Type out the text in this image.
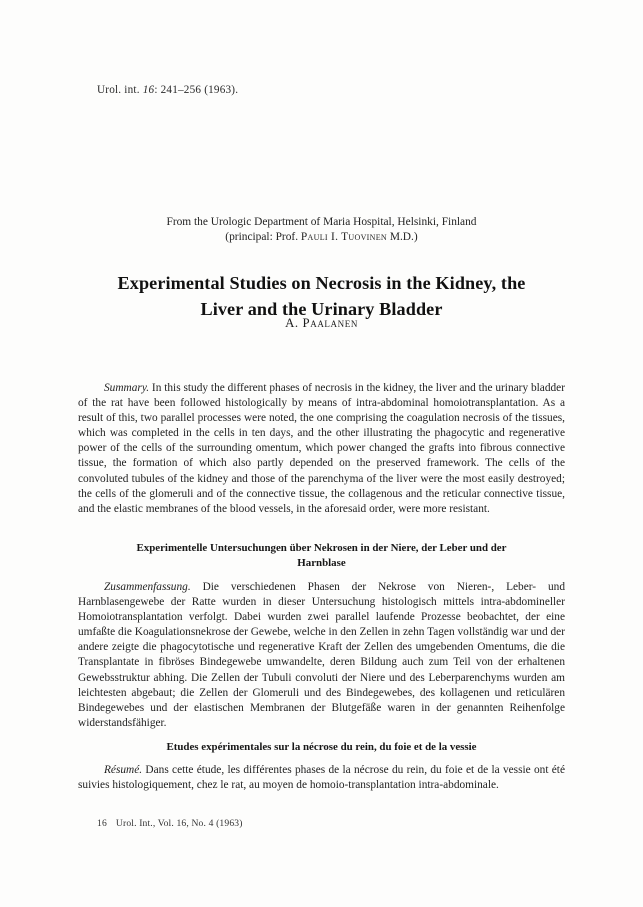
Urol. int. 16: 241–256 (1963).
From the Urologic Department of Maria Hospital, Helsinki, Finland
(principal: Prof. Pauli I. Tuovinen M.D.)
Experimental Studies on Necrosis in the Kidney, the
Liver and the Urinary Bladder
A. Paalanen

Summary. In this study the different phases of necrosis in the kidney, the liver and the urinary bladder of the rat have been followed histologically by means of intra-abdominal homoiotransplantation. As a result of this, two parallel processes were noted, the one comprising the coagulation necrosis of the tissues, which was completed in the cells in ten days, and the other illustrating the phagocytic and regenerative power of the cells of the surrounding omentum, which power changed the grafts into fibrous connective tissue, the formation of which also partly depended on the preserved framework. The cells of the convoluted tubules of the kidney and those of the parenchyma of the liver were the most easily destroyed; the cells of the glomeruli and of the connective tissue, the collagenous and the reticular connective tissue, and the elastic membranes of the blood vessels, in the aforesaid order, were more resistant.

Experimentelle Untersuchungen über Nekrosen in der Niere, der Leber und der
Harnblase

Zusammenfassung. Die verschiedenen Phasen der Nekrose von Nieren-, Leber- und Harnblasengewebe der Ratte wurden in dieser Untersuchung histologisch mittels intra-abdomineller Homoiotransplantation verfolgt. Dabei wurden zwei parallel laufende Prozesse beobachtet, der eine umfaßte die Koagulationsnekrose der Gewebe, welche in den Zellen in zehn Tagen vollständig war und der andere zeigte die phagocytotische und regenerative Kraft der Zellen des umgebenden Omentums, die die Transplantate in fibröses Bindegewebe umwandelte, deren Bildung auch zum Teil von der erhaltenen Gewebsstruktur abhing. Die Zellen der Tubuli convoluti der Niere und des Leberparenchyms wurden am leichtesten abgebaut; die Zellen der Glomeruli und des Bindegewebes, des kollagenen und reticulären Bindegewebes und der elastischen Membranen der Blutgefäße waren in der genannten Reihenfolge widerstandsfähiger.

Etudes expérimentales sur la nécrose du rein, du foie et de la vessie

Résumé. Dans cette étude, les différentes phases de la nécrose du rein, du foie et de la vessie ont été suivies histologiquement, chez le rat, au moyen de homoio-transplantation intra-abdominale.

16 Urol. Int., Vol. 16, No. 4 (1963)
